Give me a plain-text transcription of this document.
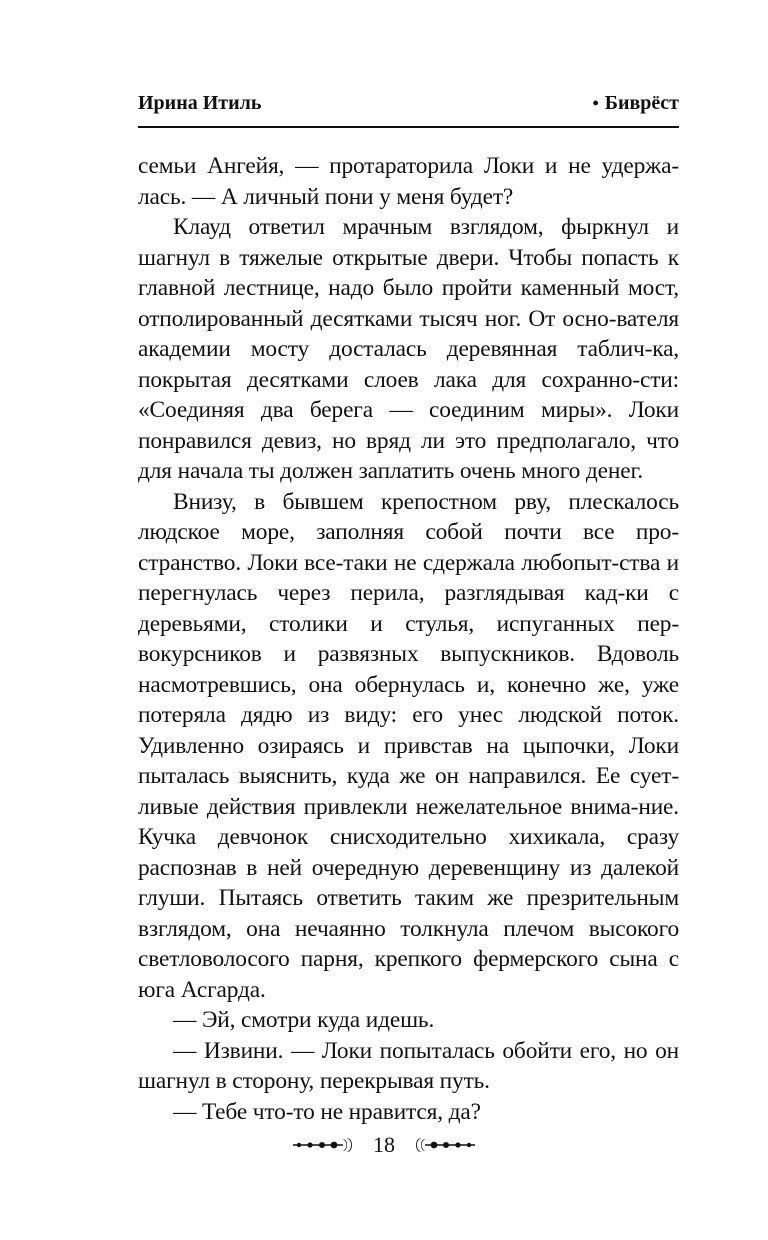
Ирина Итиль	• Биврёст

семьи Ангейя, — протараторила Локи и не удержа-лась. — А личный пони у меня будет?

Клауд ответил мрачным взглядом, фыркнул и шагнул в тяжелые открытые двери. Чтобы попасть к главной лестнице, надо было пройти каменный мост, отполированный десятками тысяч ног. От осно-вателя академии мосту досталась деревянная таблич-ка, покрытая десятками слоев лака для сохранно-сти: «Соединяя два берега — соединим миры». Локи понравился девиз, но вряд ли это предполагало, что для начала ты должен заплатить очень много денег.

Внизу, в бывшем крепостном рву, плескалось людское море, заполняя собой почти все про-странство. Локи все-таки не сдержала любопыт-ства и перегнулась через перила, разглядывая кад-ки с деревьями, столики и стулья, испуганных пер-вокурсников и развязных выпускников. Вдоволь насмотревшись, она обернулась и, конечно же, уже потеряла дядю из виду: его унес людской поток. Удивленно озираясь и привстав на цыпочки, Локи пыталась выяснить, куда же он направился. Ее сует-ливые действия привлекли нежелательное внима-ние. Кучка девчонок снисходительно хихикала, сразу распознав в ней очередную деревенщину из далекой глуши. Пытаясь ответить таким же презрительным взглядом, она нечаянно толкнула плечом высокого светловолосого парня, крепкого фермерского сына с юга Асгарда.

— Эй, смотри куда идешь.

— Извини. — Локи попыталась обойти его, но он шагнул в сторону, перекрывая путь.

— Тебе что-то не нравится, да?

18
